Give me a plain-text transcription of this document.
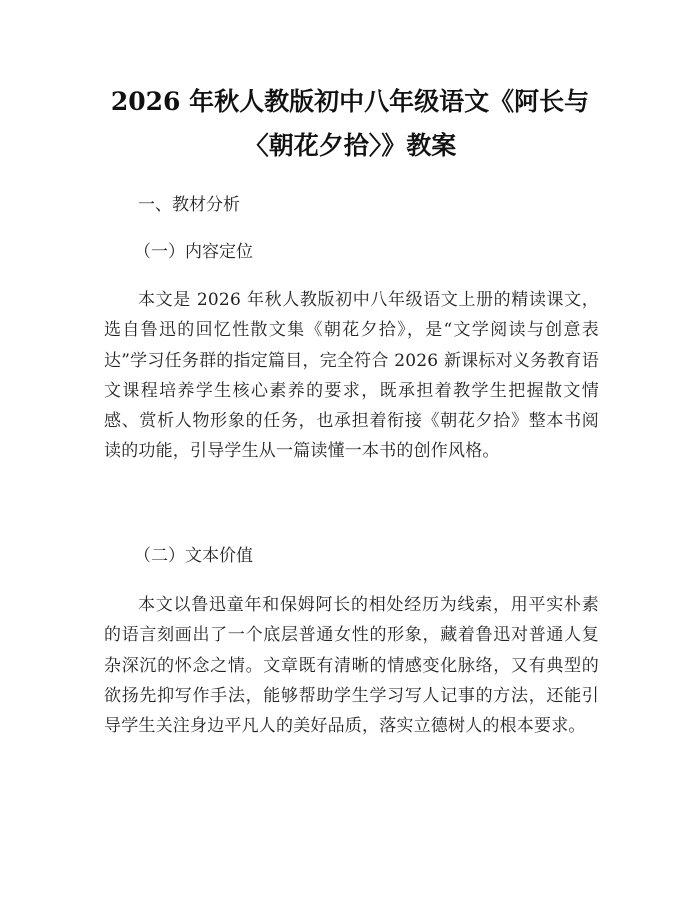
2026 年秋人教版初中八年级语文《阿长与
〈朝花夕拾〉》教案
一、教材分析
（一）内容定位

本文是 2026 年秋人教版初中八年级语文上册的精读课文，选自鲁迅的回忆性散文集《朝花夕拾》，是“文学阅读与创意表达”学习任务群的指定篇目，完全符合 2026 新课标对义务教育语文课程培养学生核心素养的要求，既承担着教学生把握散文情感、赏析人物形象的任务，也承担着衔接《朝花夕拾》整本书阅读的功能，引导学生从一篇读懂一本书的创作风格。

（二）文本价值

本文以鲁迅童年和保姆阿长的相处经历为线索，用平实朴素的语言刻画出了一个底层普通女性的形象，藏着鲁迅对普通人复杂深沉的怀念之情。文章既有清晰的情感变化脉络，又有典型的欲扬先抑写作手法，能够帮助学生学习写人记事的方法，还能引导学生关注身边平凡人的美好品质，落实立德树人的根本要求。
